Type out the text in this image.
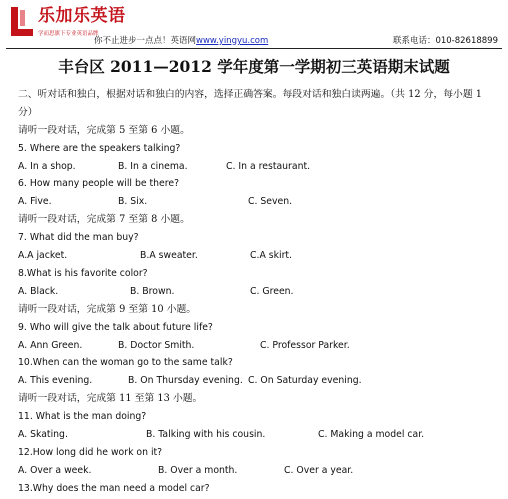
乐加乐英语
学而思旗下专业英语品牌
你不止进步一点点！英语网www.yingyu.com	联系电话：010-82618899
丰台区 2011—2012 学年度第一学期初三英语期末试题
二、听对话和独白，根据对话和独白的内容，选择正确答案。每段对话和独白读两遍。（共 12 分，每小题 1 分）
请听一段对话，完成第 5 至第 6 小题。
5. Where are the speakers talking?
A. In a shop.	B. In a cinema.	C. In a restaurant.
6. How many people will be there?
A. Five.	B. Six.	C. Seven.
请听一段对话，完成第 7 至第 8 小题。
7. What did the man buy?
A.A jacket.	B.A sweater.	C.A skirt.
8.What is his favorite color?
A. Black.	B. Brown.	C. Green.
请听一段对话，完成第 9 至第 10 小题。
9. Who will give the talk about future life?
A. Ann Green.	B. Doctor Smith.	C. Professor Parker.
10.When can the woman go to the same talk?
A. This evening.	B. On Thursday evening. C. On Saturday evening.
请听一段对话，完成第 11 至第 13 小题。
11. What is the man doing?
A. Skating.	B. Talking with his cousin.	C. Making a model car.
12.How long did he work on it?
A. Over a week.	B. Over a month.	C. Over a year.
13.Why does the man need a model car?
